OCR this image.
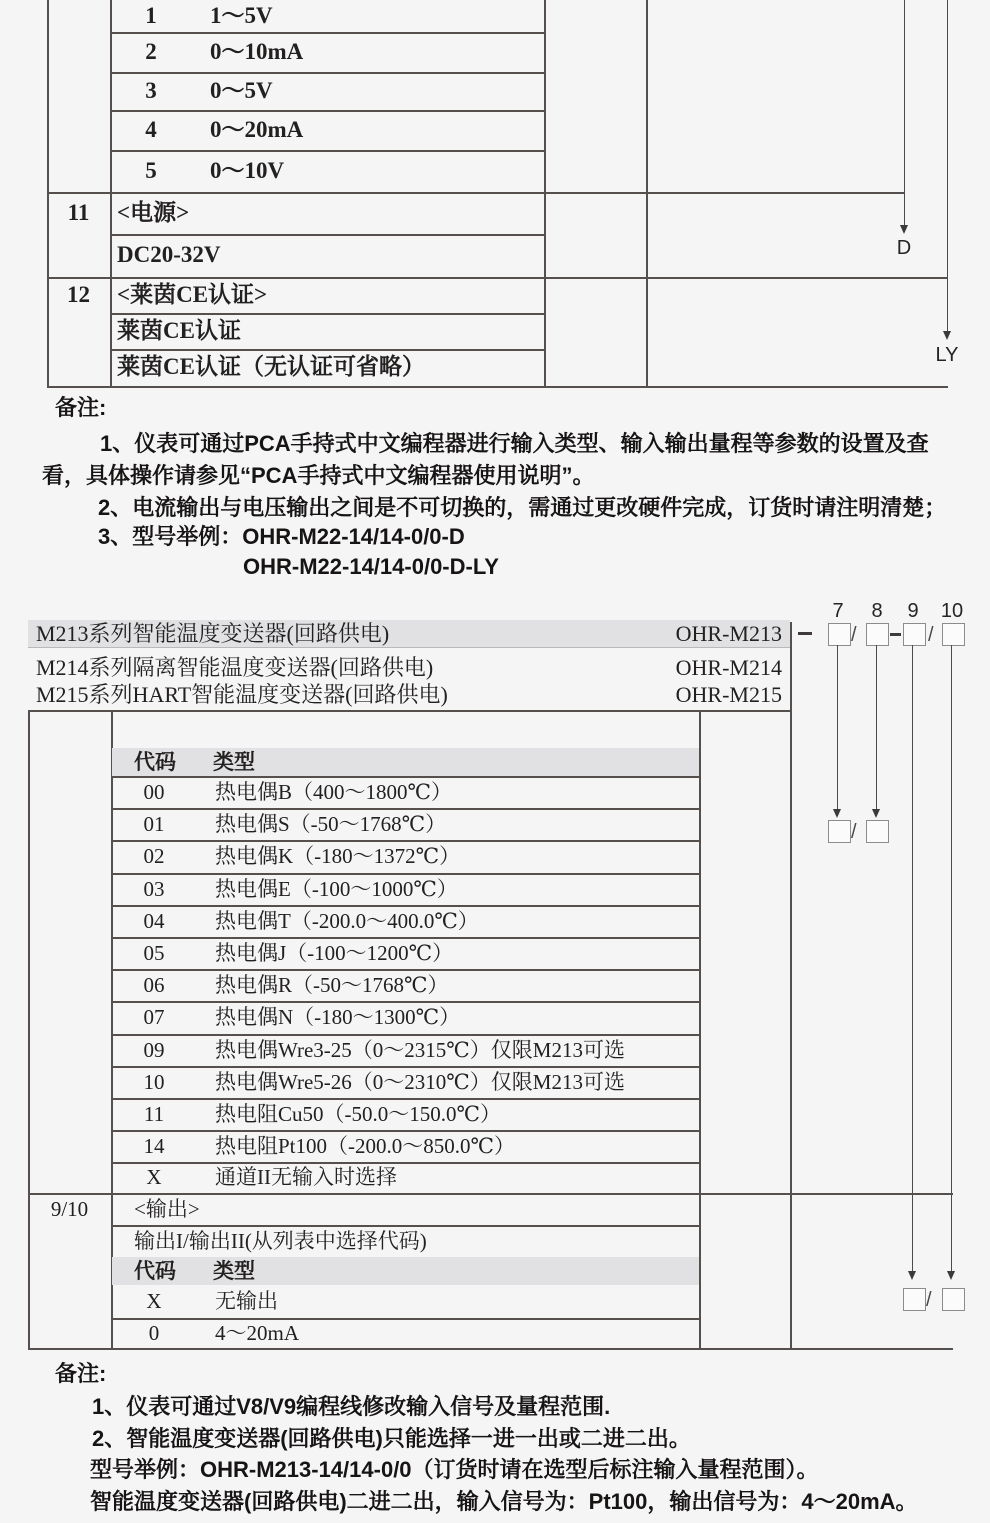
1	1～5V
2	0～10mA
3	0～5V
4	0～20mA
5	0～10V
11	<电源>
DC20-32V
12	<莱茵CE认证>
莱茵CE认证
莱茵CE认证（无认证可省略）
D
LY
备注:
1、仪表可通过PCA手持式中文编程器进行输入类型、输入输出量程等参数的设置及查
看，具体操作请参见“PCA手持式中文编程器使用说明”。
2、电流输出与电压输出之间是不可切换的，需通过更改硬件完成，订货时请注明清楚；
3、型号举例：OHR-M22-14/14-0/0-D
OHR-M22-14/14-0/0-D-LY
7	8	9	10
/	/
/
/
M213系列智能温度变送器(回路供电)	OHR-M213
M214系列隔离智能温度变送器(回路供电)	OHR-M214
M215系列HART智能温度变送器(回路供电)	OHR-M215
代码 类型
00	热电偶B（400～1800℃）
01	热电偶S（-50～1768℃）
02	热电偶K（-180～1372℃）
03	热电偶E（-100～1000℃）
04	热电偶T（-200.0～400.0℃）
05	热电偶J（-100～1200℃）
06	热电偶R（-50～1768℃）
07	热电偶N（-180～1300℃）
09	热电偶Wre3-25（0～2315℃）仅限M213可选
10	热电偶Wre5-26（0～2310℃）仅限M213可选
11	热电阻Cu50（-50.0～150.0℃）
14	热电阻Pt100（-200.0～850.0℃）
X	通道II无输入时选择
9/10	<输出>
输出I/输出II(从列表中选择代码)
代码 类型
X	无输出
0	4～20mA
备注:
1、仪表可通过V8/V9编程线修改输入信号及量程范围.
2、智能温度变送器(回路供电)只能选择一进一出或二进二出。
型号举例：OHR-M213-14/14-0/0（订货时请在选型后标注输入量程范围）。
智能温度变送器(回路供电)二进二出，输入信号为：Pt100，输出信号为：4～20mA。
